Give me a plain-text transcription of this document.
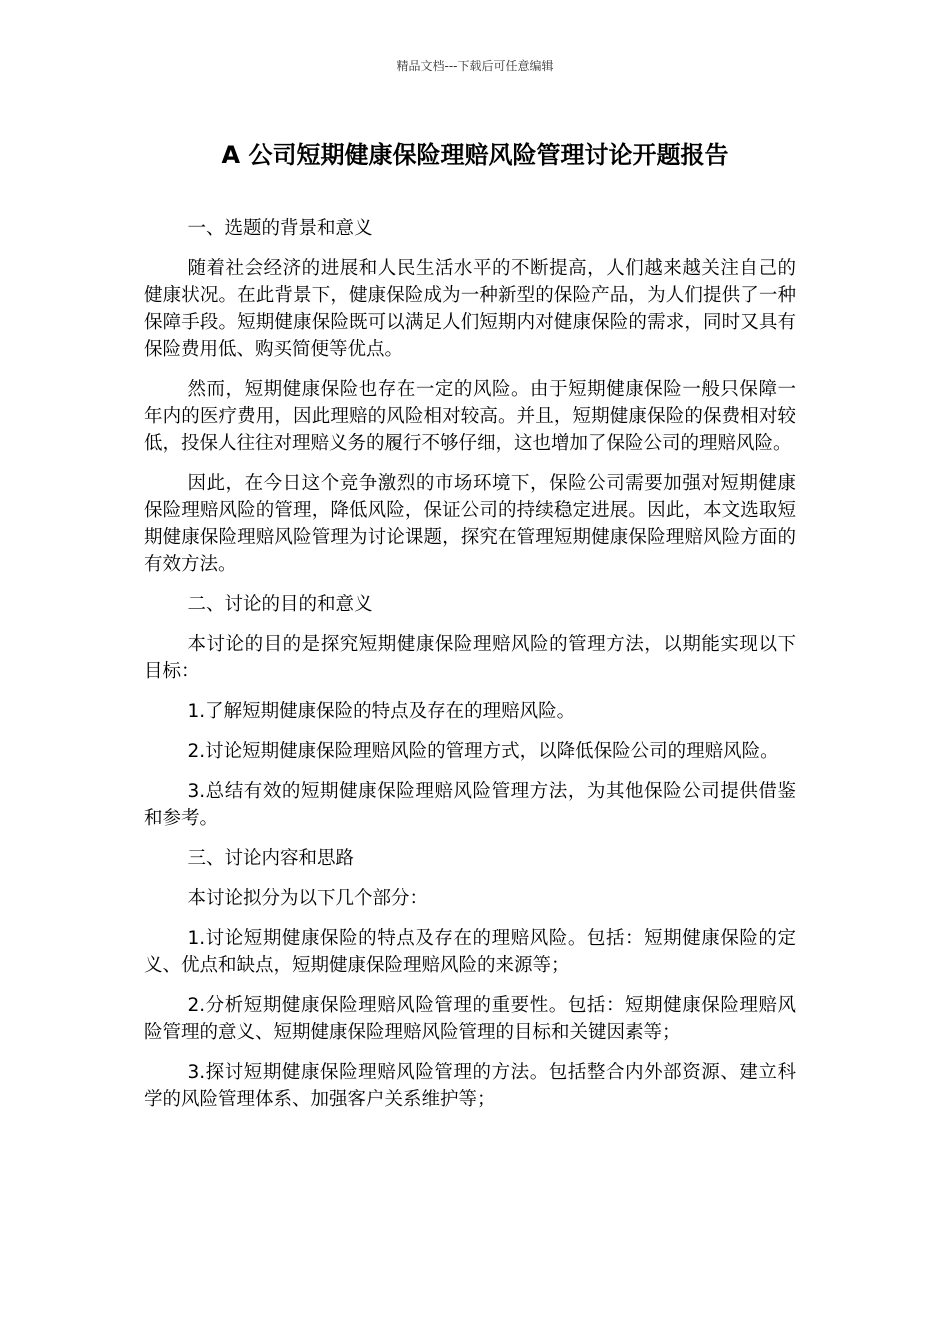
精品文档---下载后可任意编辑
A 公司短期健康保险理赔风险管理讨论开题报告

一、选题的背景和意义

随着社会经济的进展和人民生活水平的不断提高，人们越来越关注自己的健康状况。在此背景下，健康保险成为一种新型的保险产品，为人们提供了一种保障手段。短期健康保险既可以满足人们短期内对健康保险的需求，同时又具有保险费用低、购买简便等优点。

然而，短期健康保险也存在一定的风险。由于短期健康保险一般只保障一年内的医疗费用，因此理赔的风险相对较高。并且，短期健康保险的保费相对较低，投保人往往对理赔义务的履行不够仔细，这也增加了保险公司的理赔风险。

因此，在今日这个竞争激烈的市场环境下，保险公司需要加强对短期健康保险理赔风险的管理，降低风险，保证公司的持续稳定进展。因此，本文选取短期健康保险理赔风险管理为讨论课题，探究在管理短期健康保险理赔风险方面的有效方法。

二、讨论的目的和意义

本讨论的目的是探究短期健康保险理赔风险的管理方法，以期能实现以下目标：

1.了解短期健康保险的特点及存在的理赔风险。

2.讨论短期健康保险理赔风险的管理方式，以降低保险公司的理赔风险。

3.总结有效的短期健康保险理赔风险管理方法，为其他保险公司提供借鉴和参考。

三、讨论内容和思路

本讨论拟分为以下几个部分：

1.讨论短期健康保险的特点及存在的理赔风险。包括：短期健康保险的定义、优点和缺点，短期健康保险理赔风险的来源等；

2.分析短期健康保险理赔风险管理的重要性。包括：短期健康保险理赔风险管理的意义、短期健康保险理赔风险管理的目标和关键因素等；

3.探讨短期健康保险理赔风险管理的方法。包括整合内外部资源、建立科学的风险管理体系、加强客户关系维护等；
